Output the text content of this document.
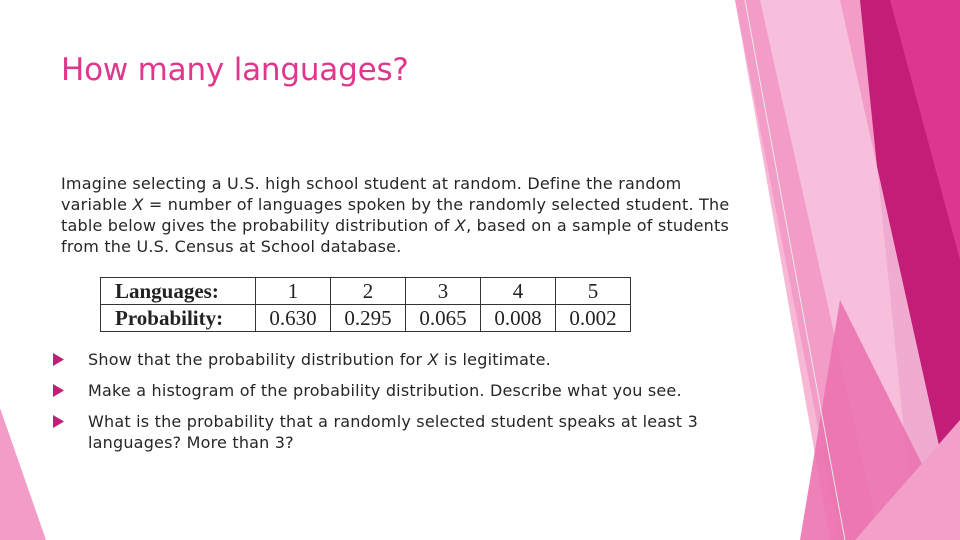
How many languages?
Imagine selecting a U.S. high school student at random. Define the random variable X = number of languages spoken by the randomly selected student. The table below gives the probability distribution of X, based on a sample of students from the U.S. Census at School database.
Languages:	1	2	3	4	5
Probability:	0.630	0.295	0.065	0.008	0.002
Show that the probability distribution for X is legitimate.
Make a histogram of the probability distribution. Describe what you see.
What is the probability that a randomly selected student speaks at least 3 languages? More than 3?
